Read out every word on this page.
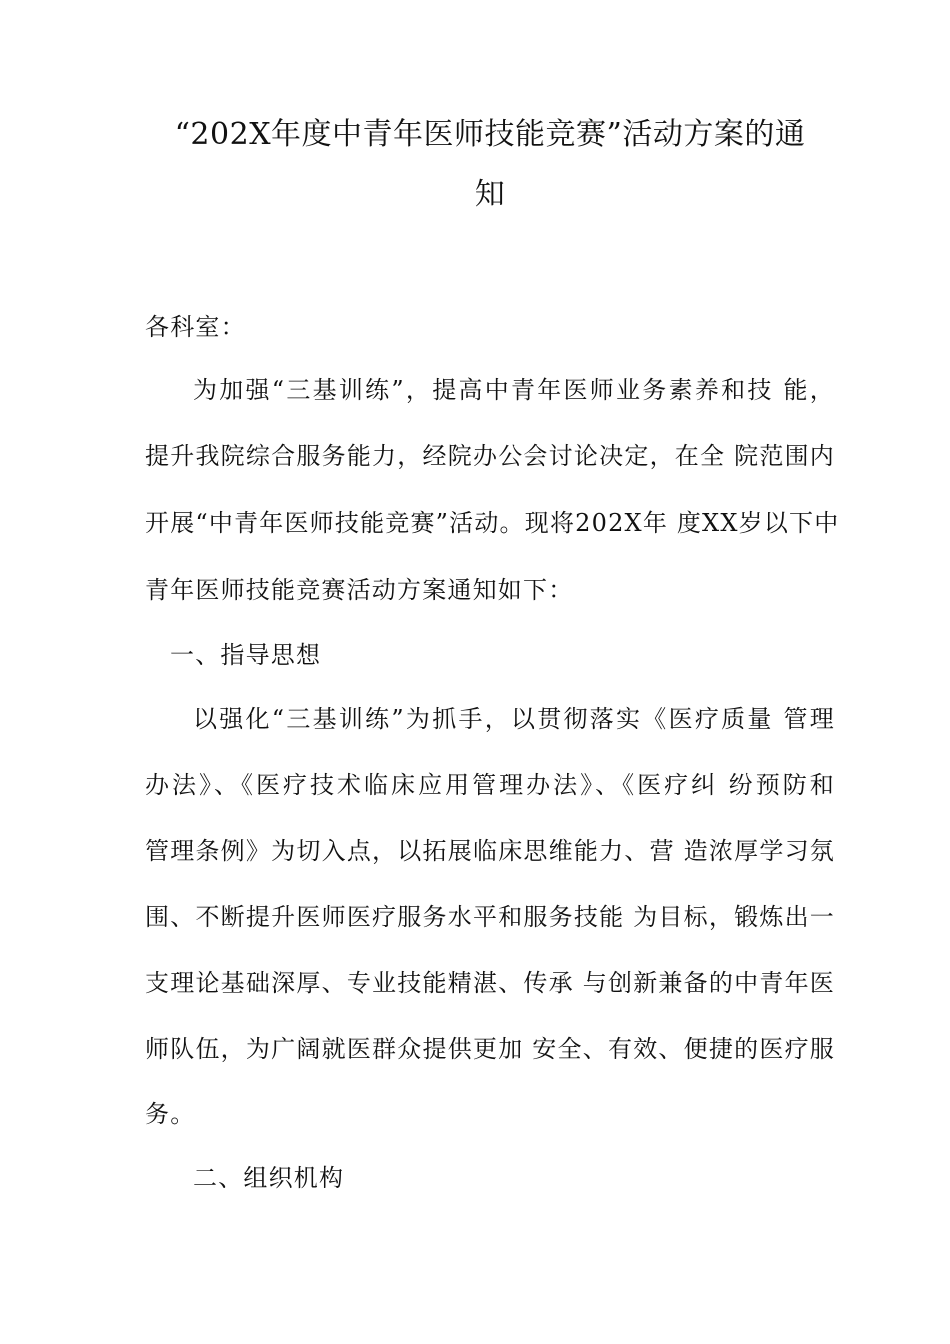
“202X年度中青年医师技能竞赛”活动方案的通
知

各科室：

为加强“三基训练”，提高中青年医师业务素养和技 能，

提升我院综合服务能力，经院办公会讨论决定，在全 院范围内

开展“中青年医师技能竞赛”活动。现将202X年 度XX岁以下中

青年医师技能竞赛活动方案通知如下：

一、指导思想

以强化“三基训练”为抓手，以贯彻落实《医疗质量 管理

办法》、《医疗技术临床应用管理办法》、《医疗纠 纷预防和

管理条例》为切入点，以拓展临床思维能力、营 造浓厚学习氛

围、不断提升医师医疗服务水平和服务技能 为目标，锻炼出一

支理论基础深厚、专业技能精湛、传承 与创新兼备的中青年医

师队伍，为广阔就医群众提供更加 安全、有效、便捷的医疗服

务。

二、组织机构
